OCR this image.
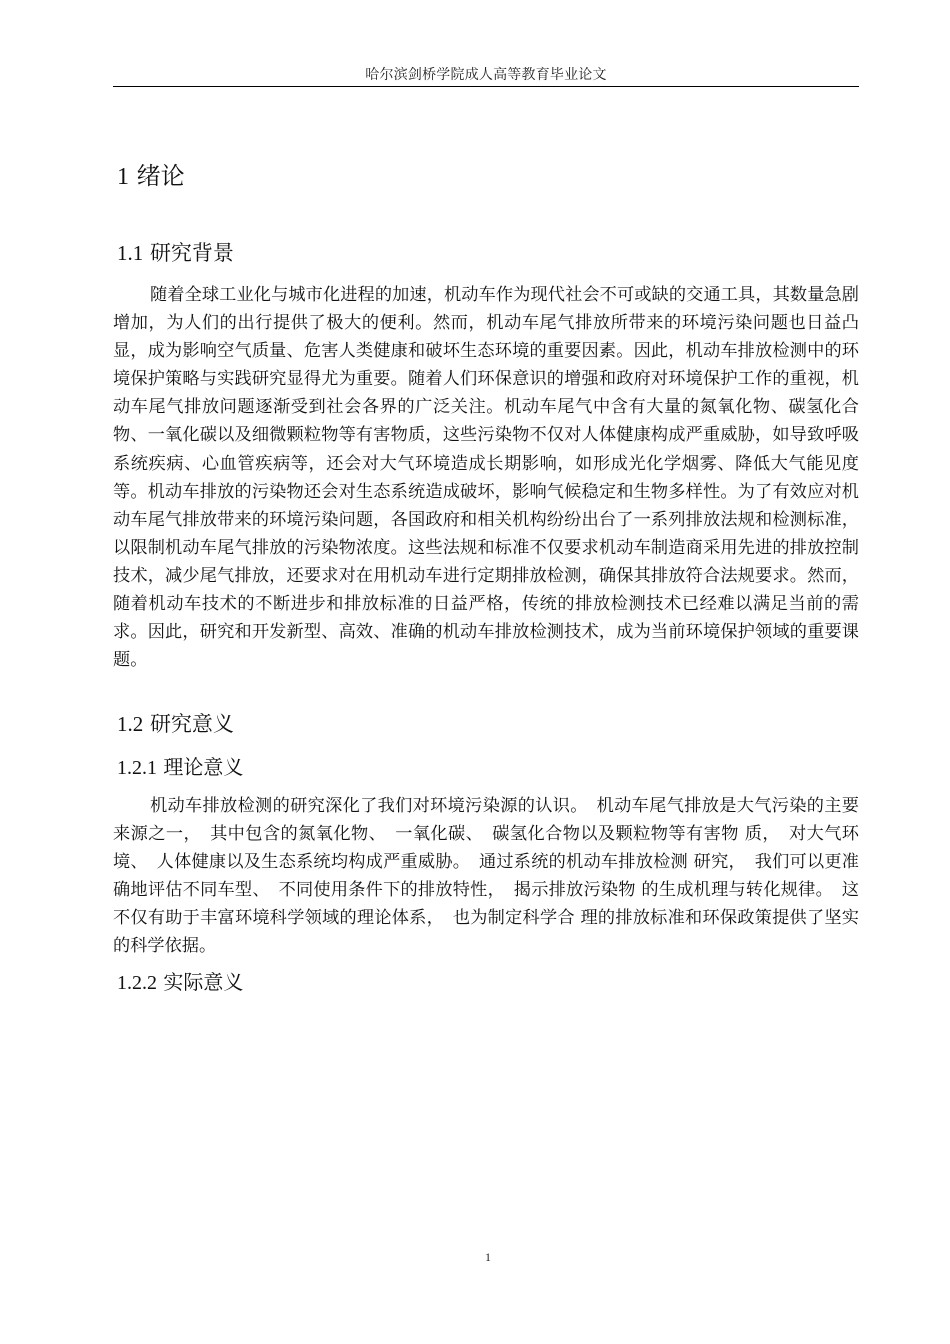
哈尔滨剑桥学院成人高等教育毕业论文
1 绪论
1.1 研究背景

随着全球工业化与城市化进程的加速，机动车作为现代社会不可或缺的交通工具，其数量急剧增加，为人们的出行提供了极大的便利。然而，机动车尾气排放所带来的环境污染问题也日益凸显，成为影响空气质量、危害人类健康和破坏生态环境的重要因素。因此，机动车排放检测中的环境保护策略与实践研究显得尤为重要。随着人们环保意识的增强和政府对环境保护工作的重视，机动车尾气排放问题逐渐受到社会各界的广泛关注。机动车尾气中含有大量的氮氧化物、碳氢化合物、一氧化碳以及细微颗粒物等有害物质，这些污染物不仅对人体健康构成严重威胁，如导致呼吸系统疾病、心血管疾病等，还会对大气环境造成长期影响，如形成光化学烟雾、降低大气能见度等。机动车排放的污染物还会对生态系统造成破坏，影响气候稳定和生物多样性。为了有效应对机动车尾气排放带来的环境污染问题，各国政府和相关机构纷纷出台了一系列排放法规和检测标准，以限制机动车尾气排放的污染物浓度。这些法规和标准不仅要求机动车制造商采用先进的排放控制技术，减少尾气排放，还要求对在用机动车进行定期排放检测，确保其排放符合法规要求。然而，随着机动车技术的不断进步和排放标准的日益严格，传统的排放检测技术已经难以满足当前的需求。因此，研究和开发新型、高效、准确的机动车排放检测技术，成为当前环境保护领域的重要课题。

1.2 研究意义
1.2.1 理论意义

机动车排放检测的研究深化了我们对环境污染源的认识。　机动车尾气排放是大气污染的主要来源之一，　其中包含的氮氧化物、　一氧化碳、　碳氢化合物以及颗粒物等有害物 质，　对大气环境、　人体健康以及生态系统均构成严重威胁。　通过系统的机动车排放检测 研究，　我们可以更准确地评估不同车型、　不同使用条件下的排放特性，　揭示排放污染物 的生成机理与转化规律。　这不仅有助于丰富环境科学领域的理论体系，　也为制定科学合 理的排放标准和环保政策提供了坚实的科学依据。

1.2.2 实际意义
1
